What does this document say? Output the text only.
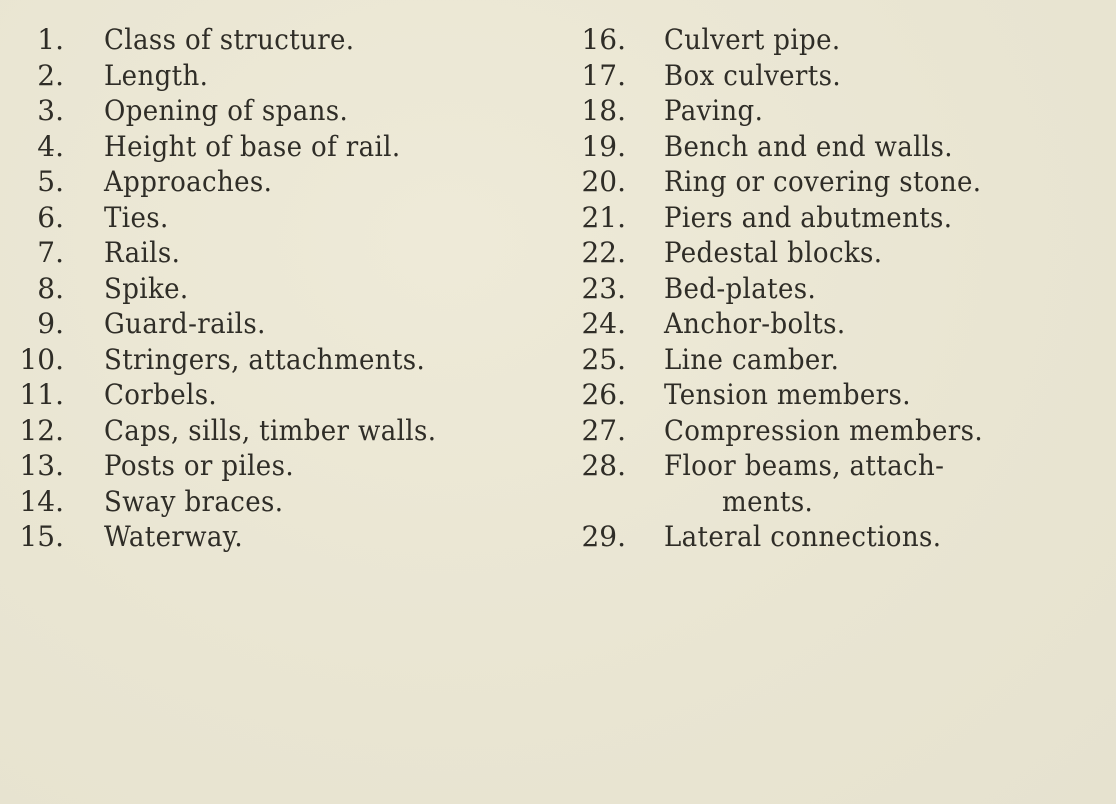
1. Class of structure.
2. Length.
3. Opening of spans.
4. Height of base of rail.
5. Approaches.
6. Ties.
7. Rails.
8. Spike.
9. Guard-rails.
10. Stringers, attachments.
11. Corbels.
12. Caps, sills, timber walls.
13. Posts or piles.
14. Sway braces.
15. Waterway.
16. Culvert pipe.
17. Box culverts.
18. Paving.
19. Bench and end walls.
20. Ring or covering stone.
21. Piers and abutments.
22. Pedestal blocks.
23. Bed-plates.
24. Anchor-bolts.
25. Line camber.
26. Tension members.
27. Compression members.
28. Floor beams, attach-
ments.
29. Lateral connections.
